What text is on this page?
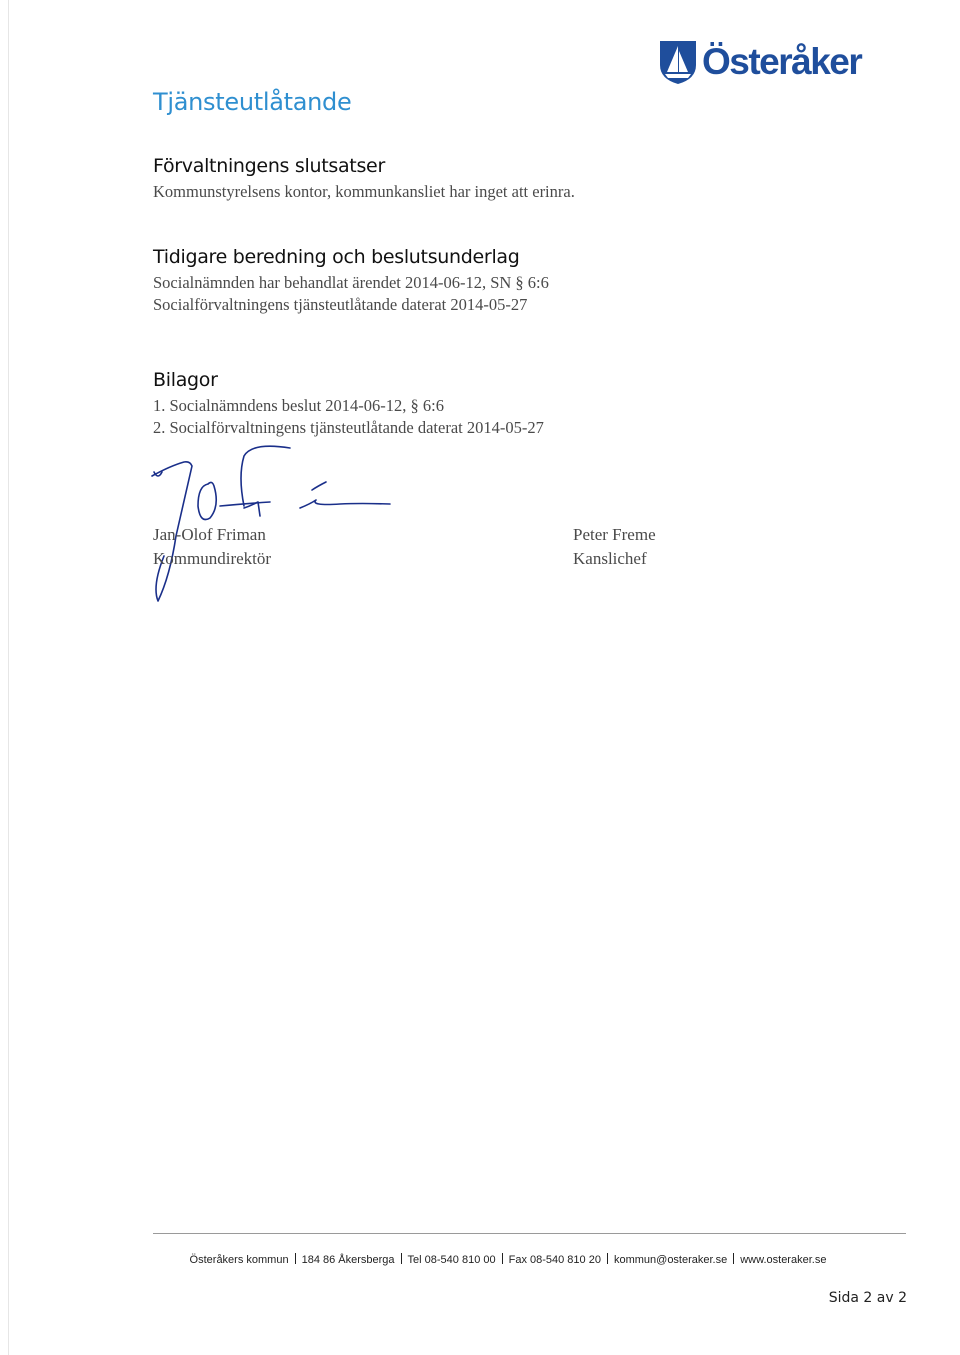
Österåker
Tjänsteutlåtande
Förvaltningens slutsatser

Kommunstyrelsens kontor, kommunkansliet har inget att erinra.

Tidigare beredning och beslutsunderlag

Socialnämnden har behandlat ärendet 2014-06-12, SN § 6:6

Socialförvaltningens tjänsteutlåtande daterat 2014-05-27

Bilagor

1. Socialnämndens beslut 2014-06-12, § 6:6

2. Socialförvaltningens tjänsteutlåtande daterat 2014-05-27

Jan-Olof Friman
Kommundirektör
Peter Freme
Kanslichef
Österåkers kommun 184 86 Åkersberga Tel 08-540 810 00 Fax 08-540 810 20 kommun@osteraker.se www.osteraker.se
Sida 2 av 2
